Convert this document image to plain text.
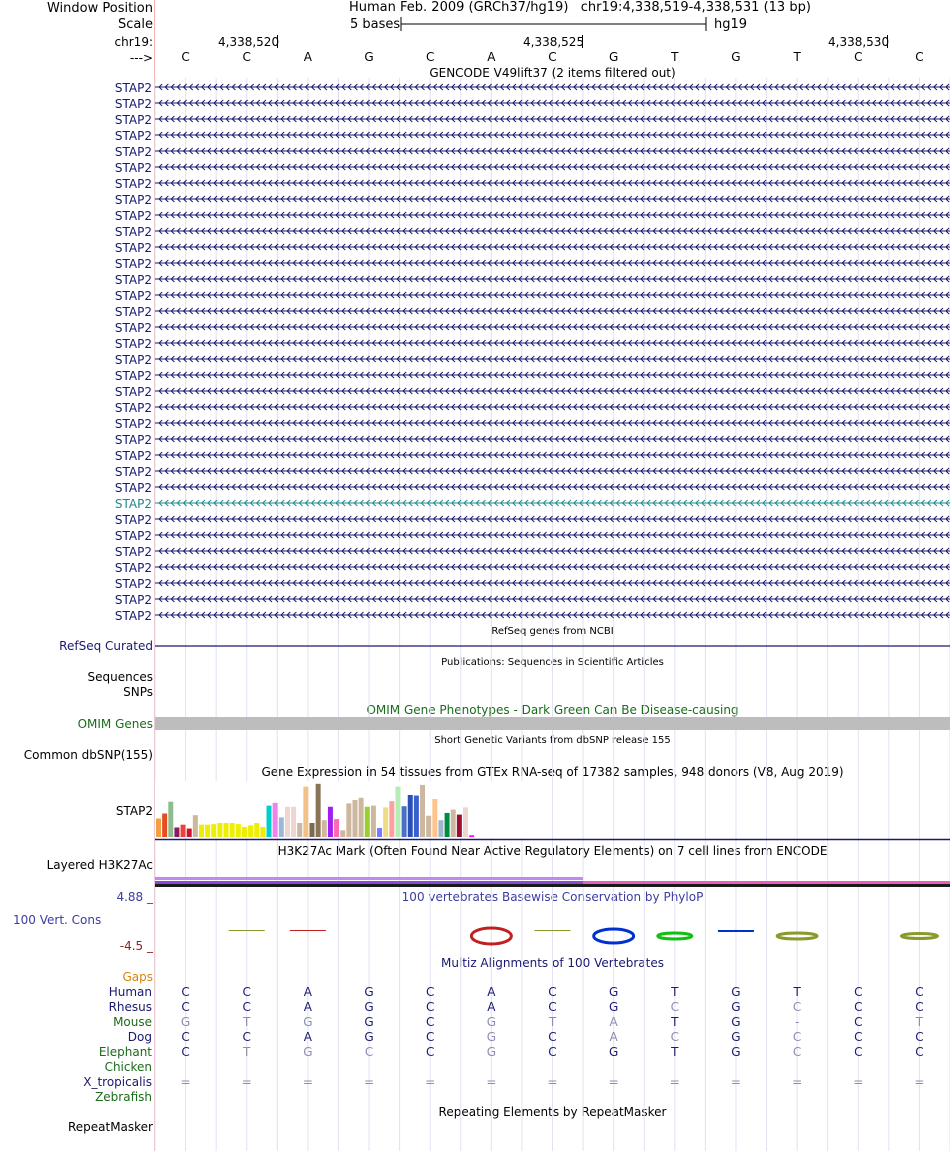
Window Position
Scale
chr19:
--->
Human Feb. 2009 (GRCh37/hg19)   chr19:4,338,519-4,338,531 (13 bp)
5 bases	hg19
4,338,520	4,338,525	4,338,530
GENCODE V49lift37 (2 items filtered out)
RefSeq genes from NCBI
Publications: Sequences in Scientific Articles
OMIM Gene Phenotypes - Dark Green Can Be Disease-causing
Short Genetic Variants from dbSNP release 155
Gene Expression in 54 tissues from GTEx RNA-seq of 17382 samples, 948 donors (V8, Aug 2019)
H3K27Ac Mark (Often Found Near Active Regulatory Elements) on 7 cell lines from ENCODE
100 vertebrates Basewise Conservation by PhyloP
Multiz Alignments of 100 Vertebrates
Repeating Elements by RepeatMasker
RefSeq Curated
Sequences
SNPs
OMIM Genes
Common dbSNP(155)
STAP2
Layered H3K27Ac
4.88 _
100 Vert. Cons
-4.5 _
Gaps
RepeatMasker
C	C	A	G	C	A	C	G	T	G	T	C	C
STAP2
STAP2
STAP2
STAP2
STAP2
STAP2
STAP2
STAP2
STAP2
STAP2
STAP2
STAP2
STAP2
STAP2
STAP2
STAP2
STAP2
STAP2
STAP2
STAP2
STAP2
STAP2
STAP2
STAP2
STAP2
STAP2
STAP2
STAP2
STAP2
STAP2
STAP2
STAP2
STAP2
STAP2
Human C	C	A	G	C	A	C	G	T	G	T	C	C
Rhesus C	C	A	G	C	A	C	G	C	G	C	C	C
Mouse G	T	G	G	C	G	T	A	T	G	-	C	T
Dog C	C	A	G	C	G	C	A	C	G	C	C	C
Elephant C	T	G	C	C	G	C	G	T	G	C	C	C
Chicken
X_tropicalis =	=	=	=	=	=	=	=	=	=	=	=	=
Zebrafish
